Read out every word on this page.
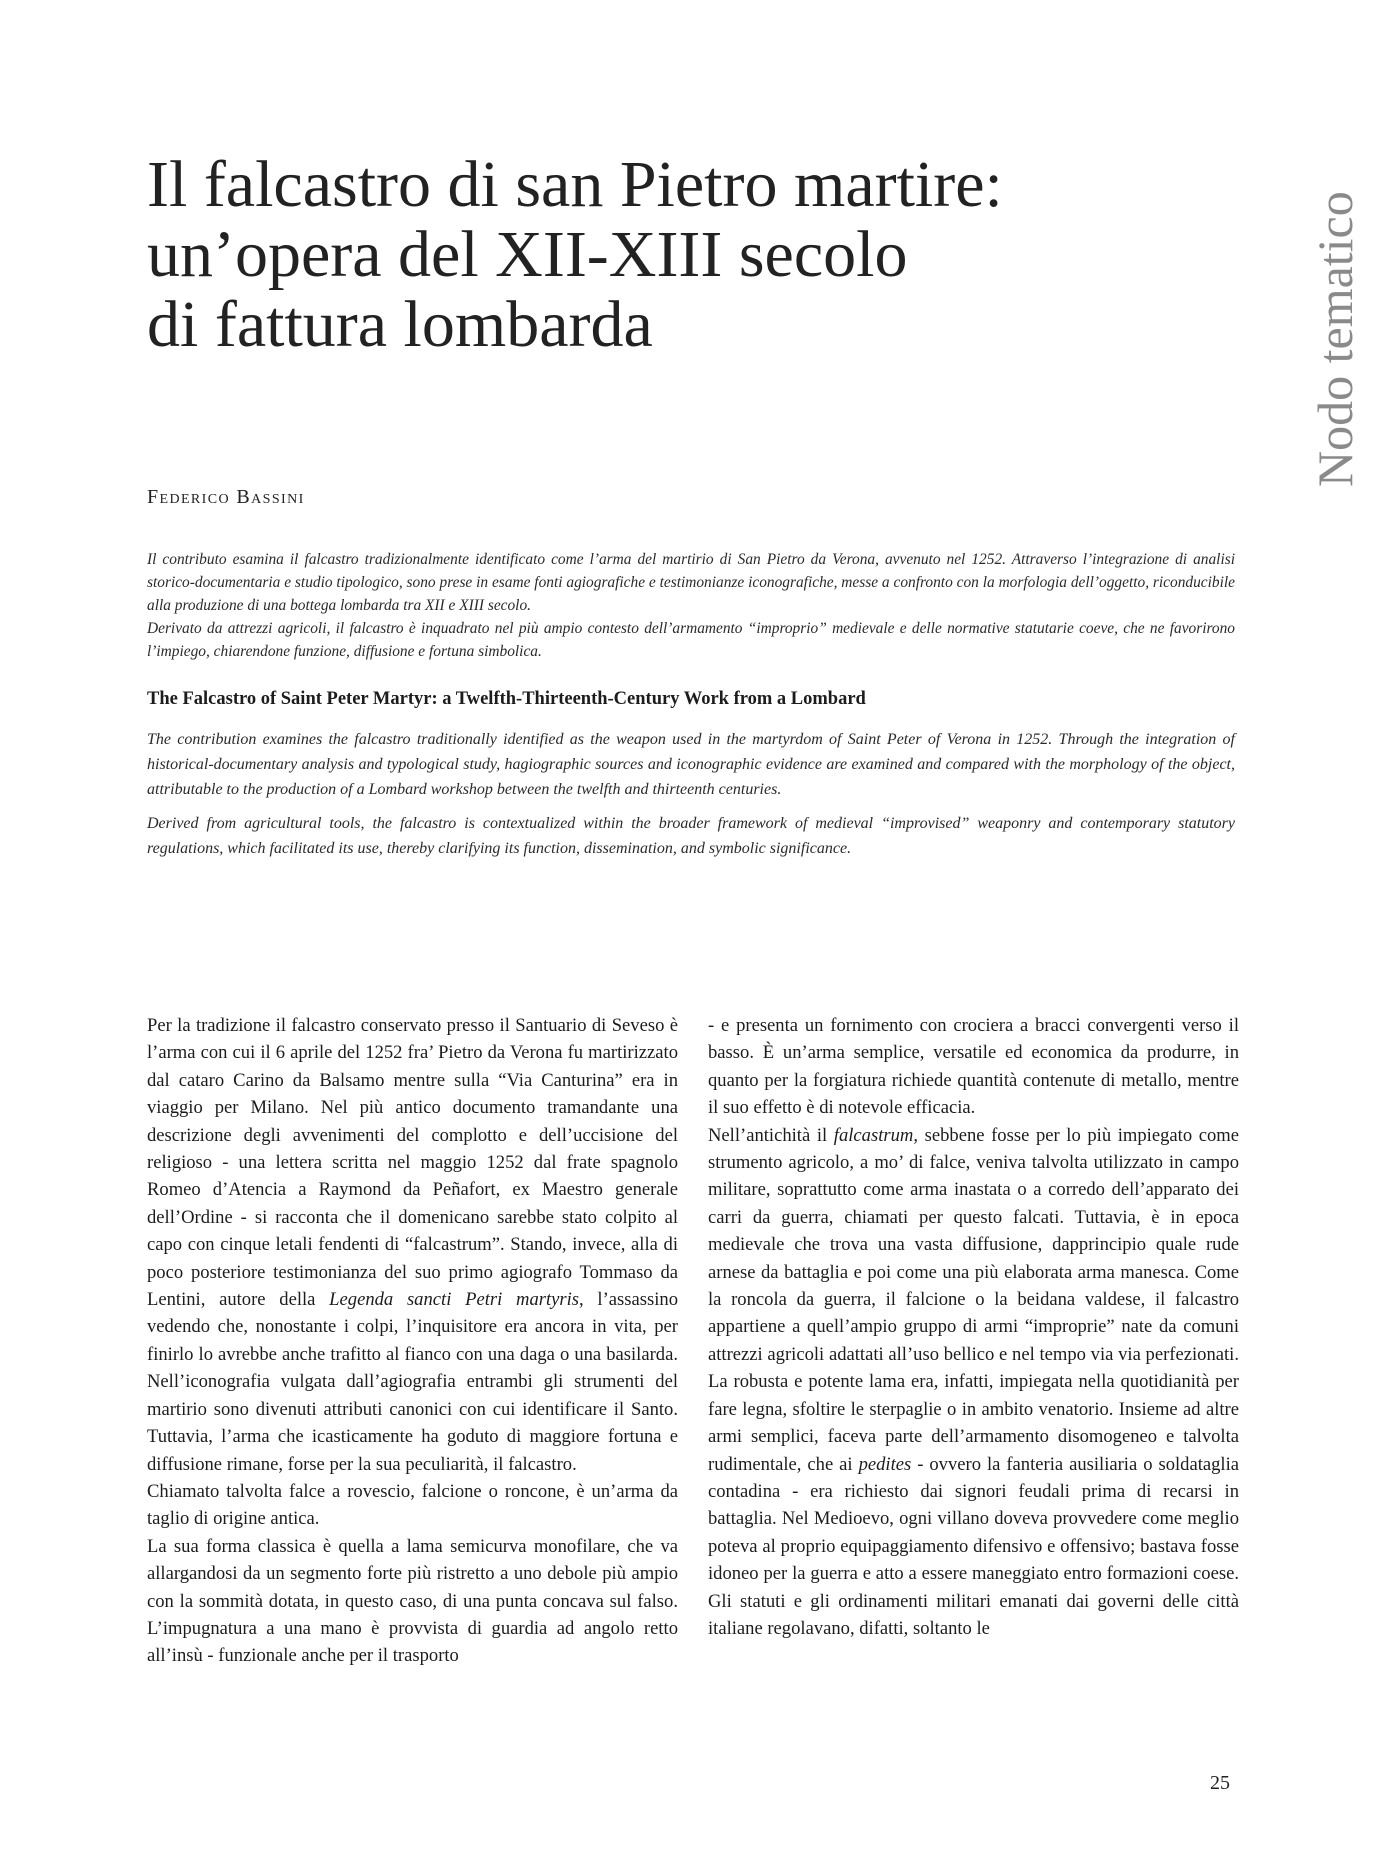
Il falcastro di san Pietro martire:
un’opera del XII-XIII secolo
di fattura lombarda	Nodo tematico
Federico Bassini

Il contributo esamina il falcastro tradizionalmente identificato come l’arma del martirio di San Pietro da Verona, avvenuto nel 1252. Attraverso l’integrazione di analisi storico-documentaria e studio tipologico, sono prese in esame fonti agiografiche e testimonianze iconografiche, messe a confronto con la morfologia dell’oggetto, riconducibile alla produzione di una bottega lombarda tra XII e XIII secolo.

Derivato da attrezzi agricoli, il falcastro è inquadrato nel più ampio contesto dell’armamento “improprio” medievale e delle normative statutarie coeve, che ne favorirono l’impiego, chiarendone funzione, diffusione e fortuna simbolica.

The Falcastro of Saint Peter Martyr: a Twelfth-Thirteenth-Century Work from a Lombard

The contribution examines the falcastro traditionally identified as the weapon used in the martyrdom of Saint Peter of Verona in 1252. Through the integration of historical-documentary analysis and typological study, hagiographic sources and iconographic evidence are examined and compared with the morphology of the object, attributable to the production of a Lombard workshop between the twelfth and thirteenth centuries.

Derived from agricultural tools, the falcastro is contextualized within the broader framework of medieval “improvised” weaponry and contemporary statutory regulations, which facilitated its use, thereby clarifying its function, dissemination, and symbolic significance.

Per la tradizione il falcastro conservato presso il Santuario di Seveso è l’arma con cui il 6 aprile del 1252 fra’ Pietro da Verona fu martirizzato dal cataro Carino da Balsamo mentre sulla “Via Canturina” era in viaggio per Milano. Nel più antico documento tramandante una descrizione degli avvenimenti del complotto e dell’uccisione del religioso - una lettera scritta nel maggio 1252 dal frate spagnolo Romeo d’Atencia a Raymond da Peñafort, ex Maestro generale dell’Ordine - si racconta che il domenicano sarebbe stato colpito al capo con cinque letali fendenti di “falcastrum”. Stando, invece, alla di poco posteriore testimonianza del suo primo agiografo Tommaso da Lentini, autore della Legenda sancti Petri martyris, l’assassino vedendo che, nonostante i colpi, l’inquisitore era ancora in vita, per finirlo lo avrebbe anche trafitto al fianco con una daga o una basilarda. Nell’iconografia vulgata dall’agiografia entrambi gli strumenti del martirio sono divenuti attributi canonici con cui identificare il Santo. Tuttavia, l’arma che icasticamente ha goduto di maggiore fortuna e diffusione rimane, forse per la sua peculiarità, il falcastro.

Chiamato talvolta falce a rovescio, falcione o roncone, è un’arma da taglio di origine antica.

La sua forma classica è quella a lama semicurva monofilare, che va allargandosi da un segmento forte più ristretto a uno debole più ampio con la sommità dotata, in questo caso, di una punta concava sul falso. L’impugnatura a una mano è provvista di guardia ad angolo retto all’insù - funzionale anche per il trasporto

- e presenta un fornimento con crociera a bracci convergenti verso il basso. È un’arma semplice, versatile ed economica da produrre, in quanto per la forgiatura richiede quantità contenute di metallo, mentre il suo effetto è di notevole efficacia.

Nell’antichità il falcastrum, sebbene fosse per lo più impiegato come strumento agricolo, a mo’ di falce, veniva talvolta utilizzato in campo militare, soprattutto come arma inastata o a corredo dell’apparato dei carri da guerra, chiamati per questo falcati. Tuttavia, è in epoca medievale che trova una vasta diffusione, dapprincipio quale rude arnese da battaglia e poi come una più elaborata arma manesca. Come la roncola da guerra, il falcione o la beidana valdese, il falcastro appartiene a quell’ampio gruppo di armi “improprie” nate da comuni attrezzi agricoli adattati all’uso bellico e nel tempo via via perfezionati. La robusta e potente lama era, infatti, impiegata nella quotidianità per fare legna, sfoltire le sterpaglie o in ambito venatorio. Insieme ad altre armi semplici, faceva parte dell’armamento disomogeneo e talvolta rudimentale, che ai pedites - ovvero la fanteria ausiliaria o soldataglia contadina - era richiesto dai signori feudali prima di recarsi in battaglia. Nel Medioevo, ogni villano doveva provvedere come meglio poteva al proprio equipaggiamento difensivo e offensivo; bastava fosse idoneo per la guerra e atto a essere maneggiato entro formazioni coese. Gli statuti e gli ordinamenti militari emanati dai governi delle città italiane regolavano, difatti, soltanto le

25
